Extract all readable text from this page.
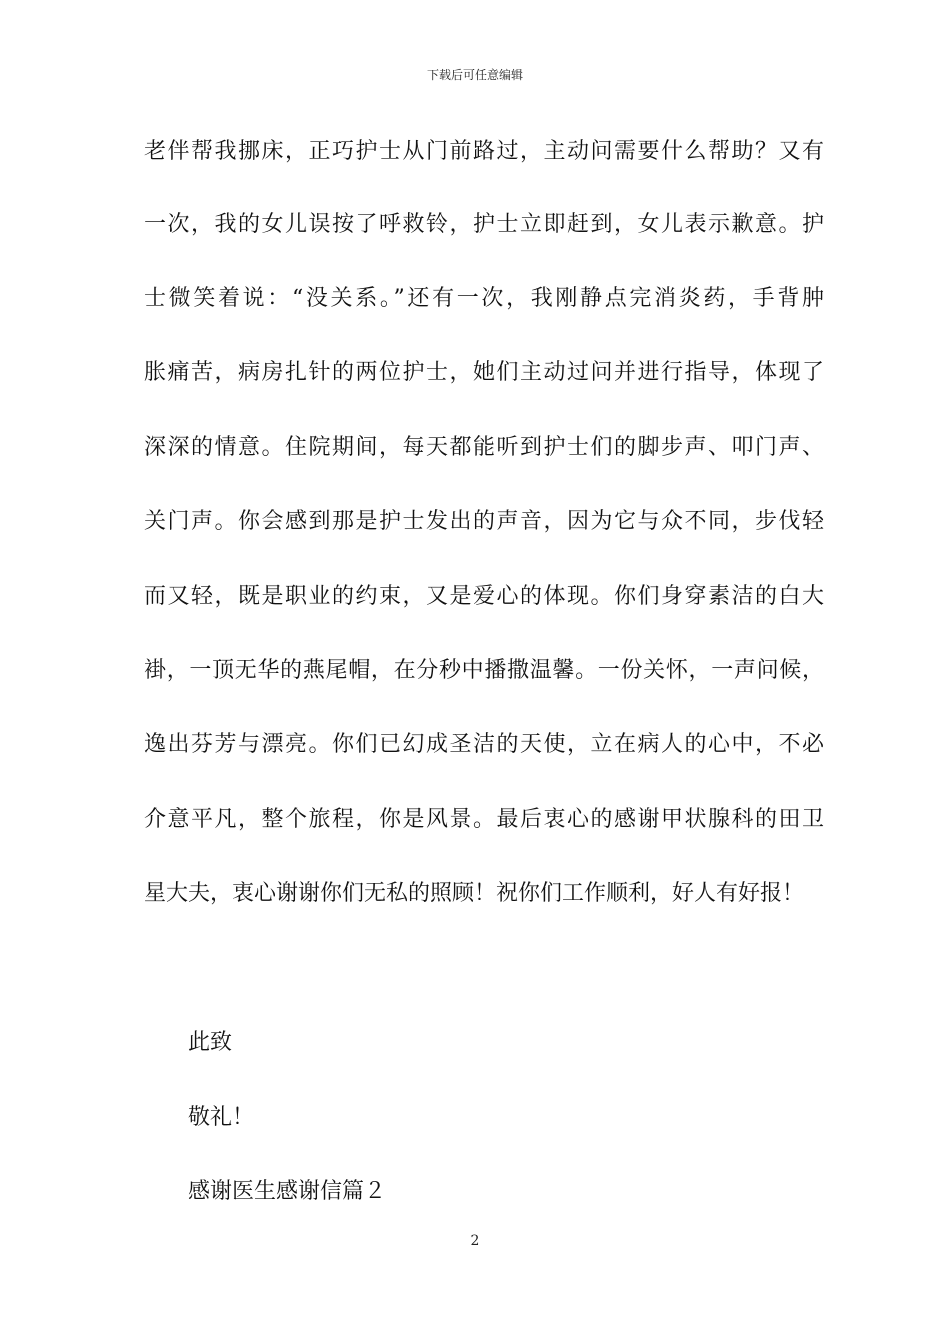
下载后可任意编辑
老伴帮我挪床，正巧护士从门前路过，主动问需要什么帮助？又有
一次，我的女儿误按了呼救铃，护士立即赶到，女儿表示歉意。护
士微笑着说：“没关系。”还有一次，我刚静点完消炎药，手背肿
胀痛苦，病房扎针的两位护士，她们主动过问并进行指导，体现了
深深的情意。住院期间，每天都能听到护士们的脚步声、叩门声、
关门声。你会感到那是护士发出的声音，因为它与众不同，步伐轻
而又轻，既是职业的约束，又是爱心的体现。你们身穿素洁的白大
褂，一顶无华的燕尾帽，在分秒中播撒温馨。一份关怀，一声问候，
逸出芬芳与漂亮。你们已幻成圣洁的天使，立在病人的心中，不必
介意平凡，整个旅程，你是风景。最后衷心的感谢甲状腺科的田卫
星大夫，衷心谢谢你们无私的照顾！祝你们工作顺利，好人有好报！
此致
敬礼！
感谢医生感谢信篇２
2
